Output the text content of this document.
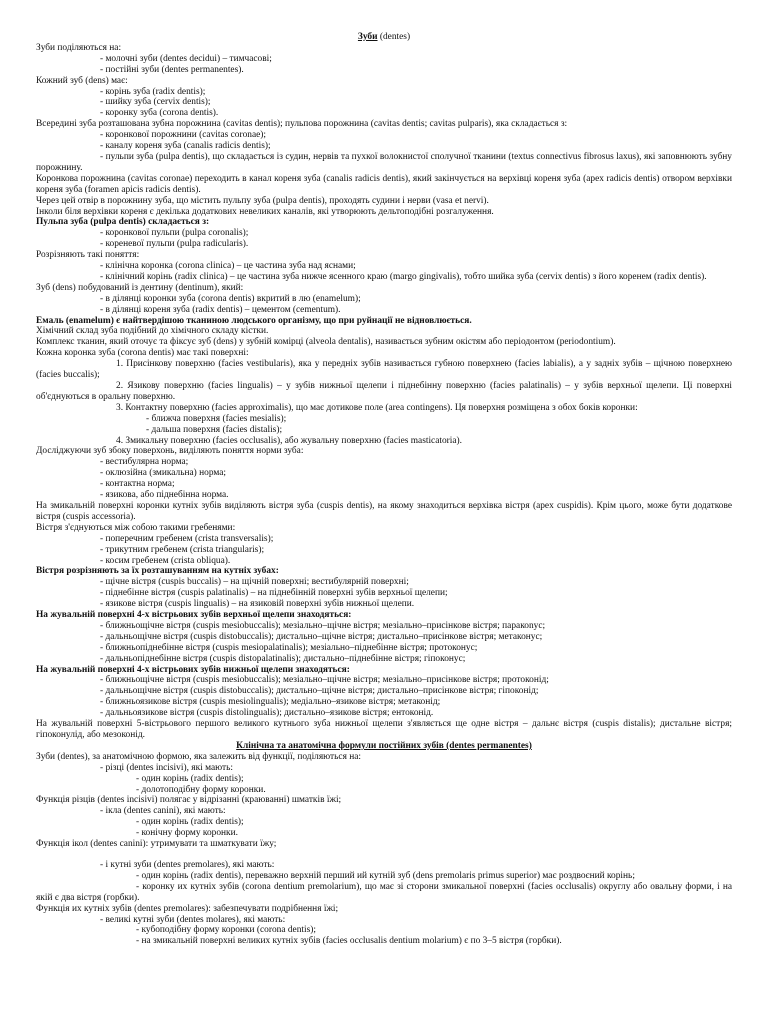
Зуби (dentes)
Зуби поділяються на:
- молочні зуби (dentes decidui) – тимчасові;
- постійні зуби (dentes permanentes).
Кожний зуб (dens) має:
- корінь зуба (radix dentis);
- шийку зуба (cervix dentis);
- коронку зуба (corona dentis).
Всередині зуба розташована зубна порожнина (cavitas dentis); пульпова порожнина (cavitas dentis; cavitas pulparis), яка складається з:
- коронкової порожнини (cavitas coronae);
- каналу кореня зуба (canalis radicis dentis);
- пульпи зуба (pulpa dentis), що складається із судин, нервів та пухкої волокнистої сполучної тканини (textus connectivus fibrosus laxus), які заповнюють зубну порожнину.
Коронкова порожнина (cavitas coronae) переходить в канал кореня зуба (canalis radicis dentis), який закінчується на верхівці кореня зуба (apex radicis dentis) отвором верхівки кореня зуба (foramen apicis radicis dentis).
Через цей отвір в порожнину зуба, що містить пульпу зуба (pulpa dentis), проходять судини і нерви (vasa et nervi).
Інколи біля верхівки кореня є декілька додаткових невеликих каналів, які утворюють дельтоподібні розгалуження.
Пульпа зуба (pulpa dentis) складається з:
- коронкової пульпи (pulpa coronalis);
- кореневої пульпи (pulpa radicularis).
Розрізняють такі поняття:
- клінічна коронка (corona clinica) – це частина зуба над яснами;
- клінічний корінь (radix clinica) – це частина зуба нижче ясенного краю (margo gingivalis), тобто шийка зуба (cervix dentis) з його коренем (radix dentis).
Зуб (dens) побудований із дентину (dentinum), який:
- в ділянці коронки зуба (corona dentis) вкритий в лю (enamelum);
- в ділянці кореня зуба (radix dentis) – цементом (cementum).
Емаль (enamelum) є найтвердішою тканиною людського організму, що при руйнації не відновлюється.
Хімічний склад зуба подібний до хімічного складу кістки.
Комплекс тканин, який оточує та фіксує зуб (dens) у зубній комірці (alveola dentalis), називається зубним окістям або періодонтом (periodontium).
Кожна коронка зуба (corona dentis) має такі поверхні:
1. Присінкову поверхню (facies vestibularis), яка у передніх зубів називається губною поверхнею (facies labialis), а у задніх зубів – щічною поверхнею (facies buccalis);
2. Язикову поверхню (facies lingualis) – у зубів нижньої щелепи і піднебінну поверхню (facies palatinalis) – у зубів верхньої щелепи. Ці поверхні об'єднуються в оральну поверхню.
3. Контактну поверхню (facies approximalis), що має дотикове поле (area contingens). Ця поверхня розміщена з обох боків коронки:
- ближча поверхня (facies mesialis);
- дальша поверхня (facies distalis);
4. Змикальну поверхню (facies occlusalis), або жувальну поверхню (facies masticatoria).
Досліджуючи зуб збоку поверхонь, виділяють поняття норми зуба:
- вестибулярна норма;
- оклюзійна (змикальна) норма;
- контактна норма;
- язикова, або піднебінна норма.
На змикальній поверхні коронки кутніх зубів виділяють вістря зуба (cuspis dentis), на якому знаходиться верхівка вістря (apex cuspidis). Крім цього, може бути додаткове вістря (cuspis accessoria).
Вістря з'єднуються між собою такими гребенями:
- поперечним гребенем (crista transversalis);
- трикутним гребенем (crista triangularis);
- косим гребенем (crista obliqua).
Вістря розрізняють за їх розташуванням на кутніх зубах:
- щічне вістря (cuspis buccalis) – на щічній поверхні; вестибулярній поверхні;
- піднебінне вістря (cuspis palatinalis) – на піднебінній поверхні зубів верхньої щелепи;
- язикове вістря (cuspis lingualis) – на язиковій поверхні зубів нижньої щелепи.
На жувальній поверхні 4-х вістрьових зубів верхньої щелепи знаходяться:
- ближньощічне вістря (cuspis mesiobuccalis); мезіально–щічне вістря; мезіально–присінкове вістря; паракоnус;
- дальньощічне вістря (cuspis distobuccalis); дистально–щічне вістря; дистально–присінкове вістря; метаконус;
- ближньопіднебінне вістря (cuspis mesiopalatinalis); мезіально–піднебінне вістря; протоконус;
- дальньопіднебінне вістря (cuspis distopalatinalis); дистально–піднебінне вістря; гіпоконус;
На жувальній поверхні 4-х вістрьових зубів нижньої щелепи знаходяться:
- ближньощічне вістря (cuspis mesiobuccalis); мезіально–щічне вістря; мезіально–присінкове вістря; протоконід;
- дальньощічне вістря (cuspis distobuccalis); дистально–щічне вістря; дистально–присінкове вістря; гіпоконід;
- ближньоязикове вістря (cuspis mesiolingualis); медіально–язикове вістря; метаконід;
- дальньоязикове вістря (cuspis distolingualis); дистально–язикове вістря; ентоконід.
На жувальній поверхні 5-вістрьового першого великого кутнього зуба нижньої щелепи з'являється ще одне вістря – дальнє вістря (cuspis distalis); дистальне вістря; гіпоконулід, або мезоконід.
Клінічна та анатомічна формули постійних зубів (dentes permanentes)
Зуби (dentes), за анатомічною формою, яка залежить від функції, поділяються на:
- різці (dentes incisivi), які мають:
- один корінь (radix dentis);
- долотоподібну форму коронки.
Функція різців (dentes incisivi) полягає у відрізанні (краюванні) шматків їжі;
- ікла (dentes canini), які мають:
- один корінь (radix dentis);
- конічну форму коронки.
Функція ікол (dentes canini): утримувати та шматкувати їжу;
- і кутні зуби (dentes premolares), які мають:
- один корінь (radix dentis), переважно верхній перший ий кутній зуб (dens premolaris primus superior) має роздвоєний корінь;
- коронку их кутніх зубів (corona dentium premolarium), що має зі сторони змикальної поверхні (facies occlusalis) округлу або овальну форми, і на якій є два вістря (горбки).
Функція их кутніх зубів (dentes premolares): забезпечувати подрібнення їжі;
- великі кутні зуби (dentes molares), які мають:
- кубоподібну форму коронки (corona dentis);
- на змикальній поверхні великих кутніх зубів (facies occlusalis dentium molarium) є по 3–5 вістря (горбки).
